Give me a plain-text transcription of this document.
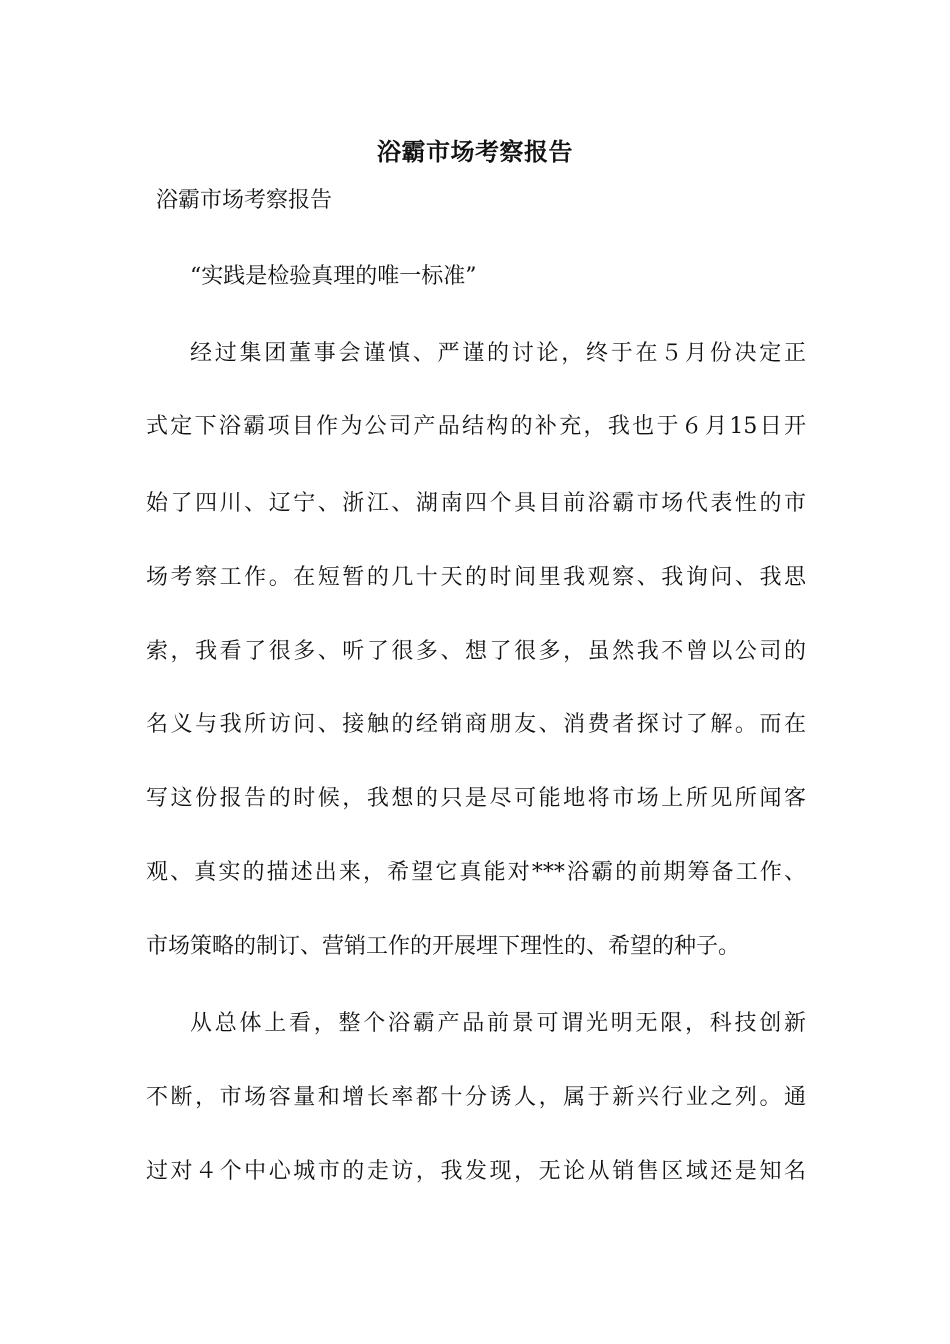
浴霸市场考察报告
浴霸市场考察报告
“实践是检验真理的唯一标准”
经过集团董事会谨慎、严谨的讨论，终于在５月份决定正
式定下浴霸项目作为公司产品结构的补充，我也于６月15日开
始了四川、辽宁、浙江、湖南四个具目前浴霸市场代表性的市
场考察工作。在短暂的几十天的时间里我观察、我询问、我思
索，我看了很多、听了很多、想了很多，虽然我不曾以公司的
名义与我所访问、接触的经销商朋友、消费者探讨了解。而在
写这份报告的时候，我想的只是尽可能地将市场上所见所闻客
观、真实的描述出来，希望它真能对***浴霸的前期筹备工作、
市场策略的制订、营销工作的开展埋下理性的、希望的种子。
从总体上看，整个浴霸产品前景可谓光明无限，科技创新
不断，市场容量和增长率都十分诱人，属于新兴行业之列。通
过对４个中心城市的走访，我发现，无论从销售区域还是知名
